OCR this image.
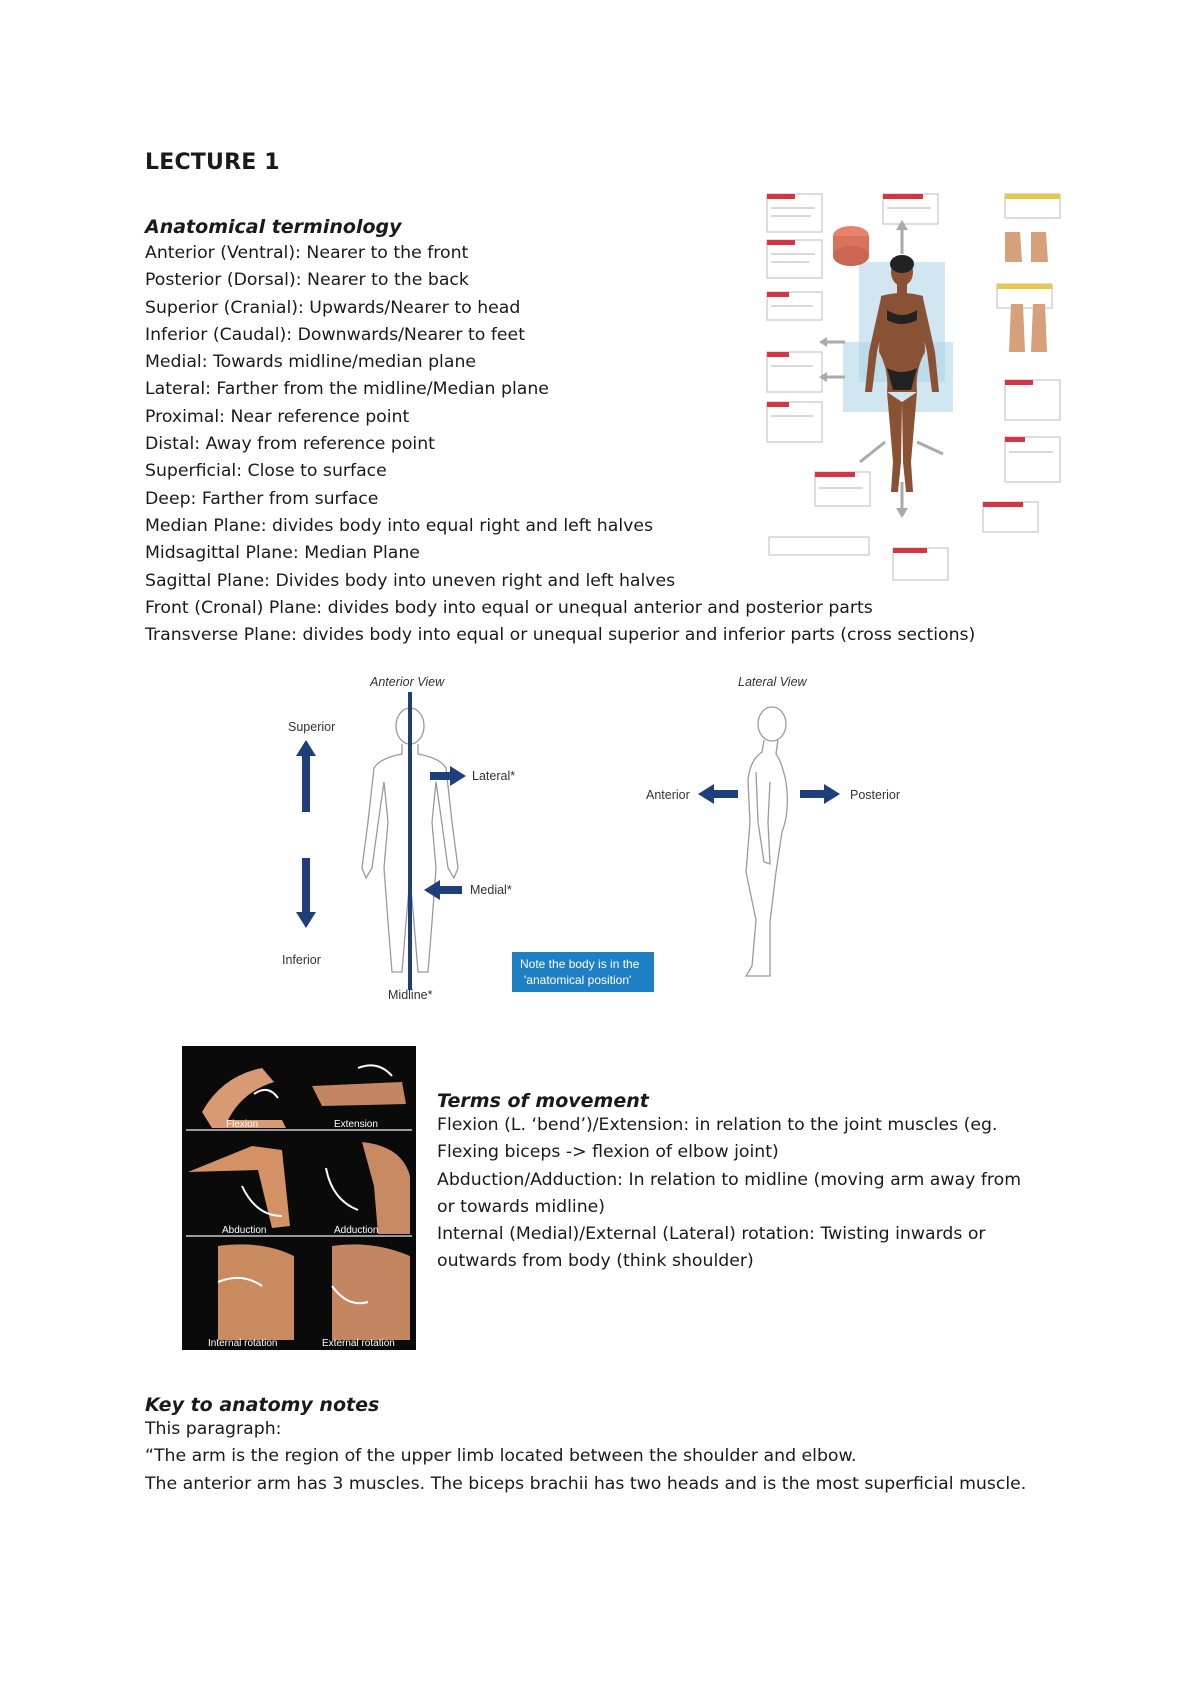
LECTURE 1
Anatomical terminology
Anterior (Ventral): Nearer to the front
Posterior (Dorsal): Nearer to the back
Superior (Cranial): Upwards/Nearer to head
Inferior (Caudal): Downwards/Nearer to feet
Medial: Towards midline/median plane
Lateral: Farther from the midline/Median plane
Proximal: Near reference point
Distal: Away from reference point
Superficial: Close to surface
Deep: Farther from surface
Median Plane: divides body into equal right and left halves
Midsagittal Plane: Median Plane
Sagittal Plane: Divides body into uneven right and left halves
Front (Cronal) Plane: divides body into equal or unequal anterior and posterior parts
Transverse Plane: divides body into equal or unequal superior and inferior parts (cross sections)
Anterior View	Lateral View
Superior
Inferior
Lateral*
Medial*
Midline*
Note the body is in the
'anatomical position'
Anterior	Posterior
Flexion	Extension
Abduction	Adduction
Internal rotation	External rotation
Terms of movement
Flexion (L. ‘bend’)/Extension: in relation to the joint muscles (eg.
Flexing biceps -> flexion of elbow joint)
Abduction/Adduction: In relation to midline (moving arm away from
or towards midline)
Internal (Medial)/External (Lateral) rotation: Twisting inwards or
outwards from body (think shoulder)
Key to anatomy notes
This paragraph:
“The arm is the region of the upper limb located between the shoulder and elbow.
The anterior arm has 3 muscles. The biceps brachii has two heads and is the most superficial muscle.
